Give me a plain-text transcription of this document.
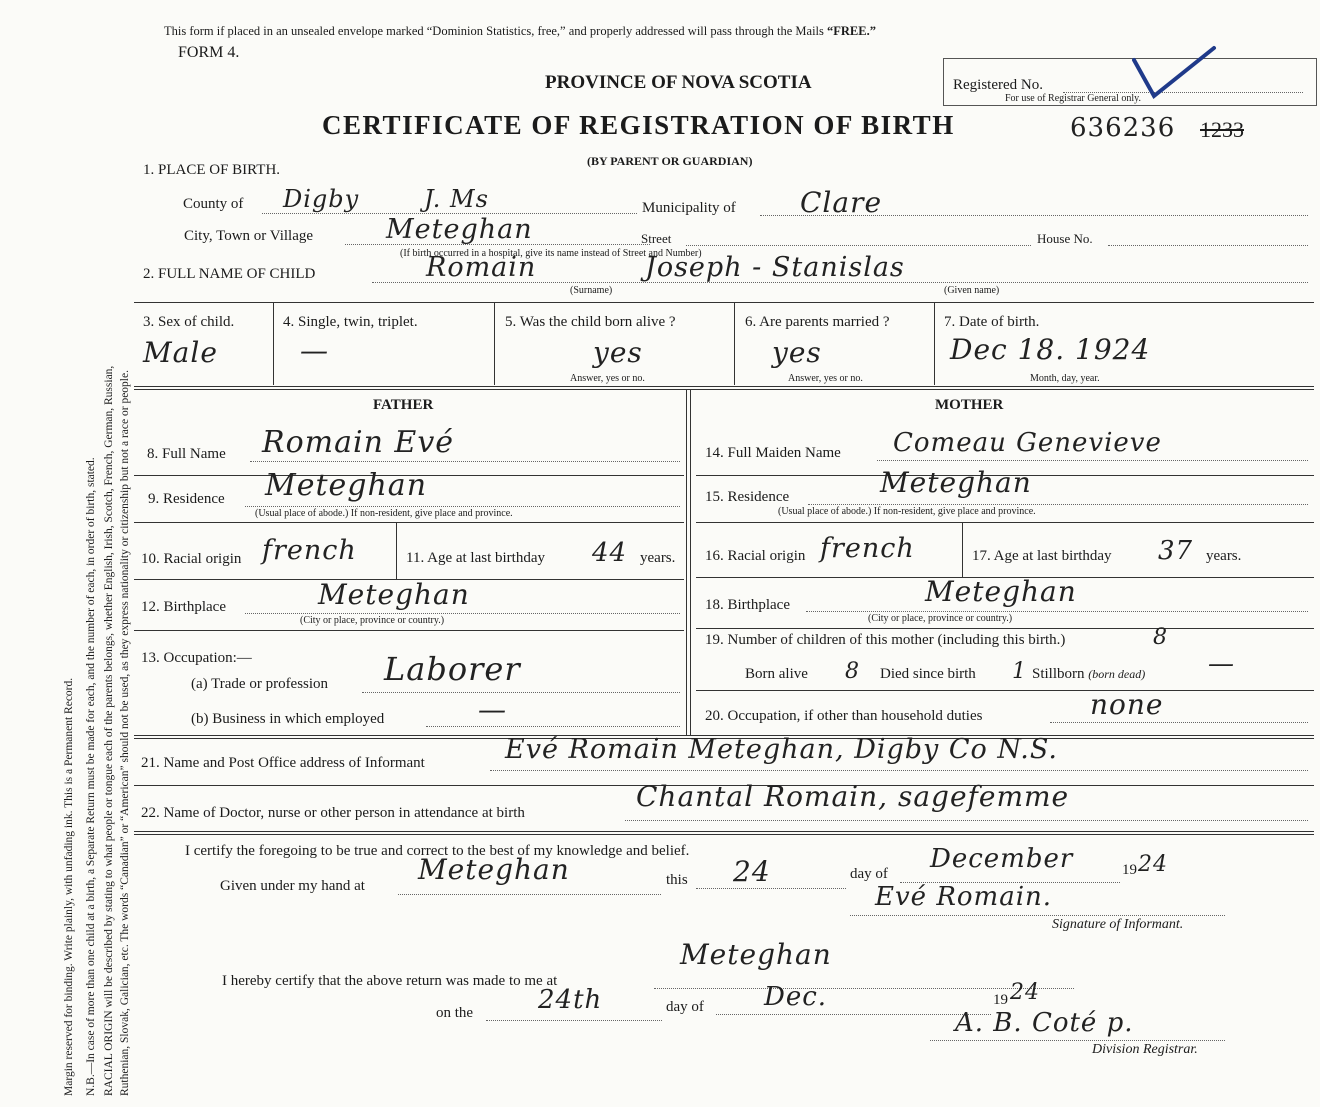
Margin reserved for binding. Write plainly, with unfading ink. This is a Permanent Record. N.B.—In case of more than one child at a birth, a Separate Return must be made for each, and the number of each, in order of birth, stated. RACIAL ORIGIN will be described by stating to what people or tongue each of the parents belongs, whether English, Irish, Scotch, French, German, Russian, Ruthenian, Slovak, Galician, etc. The words “Canadian” or “American” should not be used, as they express nationality or citizenship but not a race or people.
This form if placed in an unsealed envelope marked “Dominion Statistics, free,” and properly addressed will pass through the Mails “FREE.”
FORM 4.
PROVINCE OF NOVA SCOTIA	Registered No.
For use of Registrar General only.
CERTIFICATE OF REGISTRATION OF BIRTH	636236 1233
(BY PARENT OR GUARDIAN)
1. PLACE OF BIRTH.
County of Digby	J. Ms	Municipality of Clare
City, Town or Village	Meteghan	Street	House No.
(If birth occurred in a hospital, give its name instead of Street and Number)
2. FULL NAME OF CHILD	Romain	Joseph - Stanislas
(Surname)	(Given name)
3. Sex of child.
Male
4. Single, twin, triplet.
—
5. Was the child born alive ?
yes
Answer, yes or no.
6. Are parents married ?
yes
Answer, yes or no.
7. Date of birth.
Dec 18. 1924
Month, day, year.
FATHER	MOTHER
8. Full Name Romain Evé
9. Residence Meteghan
(Usual place of abode.) If non-resident, give place and province.
10. Racial origin french	11. Age at last birthday 44 years.
12. Birthplace	Meteghan
(City or place, province or country.)
13. Occupation:—
(a) Trade or profession Laborer
(b) Business in which employed	—
14. Full Maiden Name Comeau Genevieve
15. Residence	Meteghan
(Usual place of abode.) If non-resident, give place and province.
16. Racial origin french	17. Age at last birthday 37 years.
18. Birthplace	Meteghan
(City or place, province or country.)
19. Number of children of this mother (including this birth.)	8
Born alive 8 Died since birth 1 Stillborn (born dead) —
20. Occupation, if other than household duties	none
21. Name and Post Office address of Informant	Evé Romain Meteghan, Digby Co N.S.
22. Name of Doctor, nurse or other person in attendance at birth	Chantal Romain, sagefemme
I certify the foregoing to be true and correct to the best of my knowledge and belief.
Given under my hand at Meteghan	this 24	day of December	19 24
Evé Romain.
Signature of Informant.
I hereby certify that the above return was made to me at
Meteghan
on the 24th	day of Dec.	19 24
A. B. Coté p.
Division Registrar.
